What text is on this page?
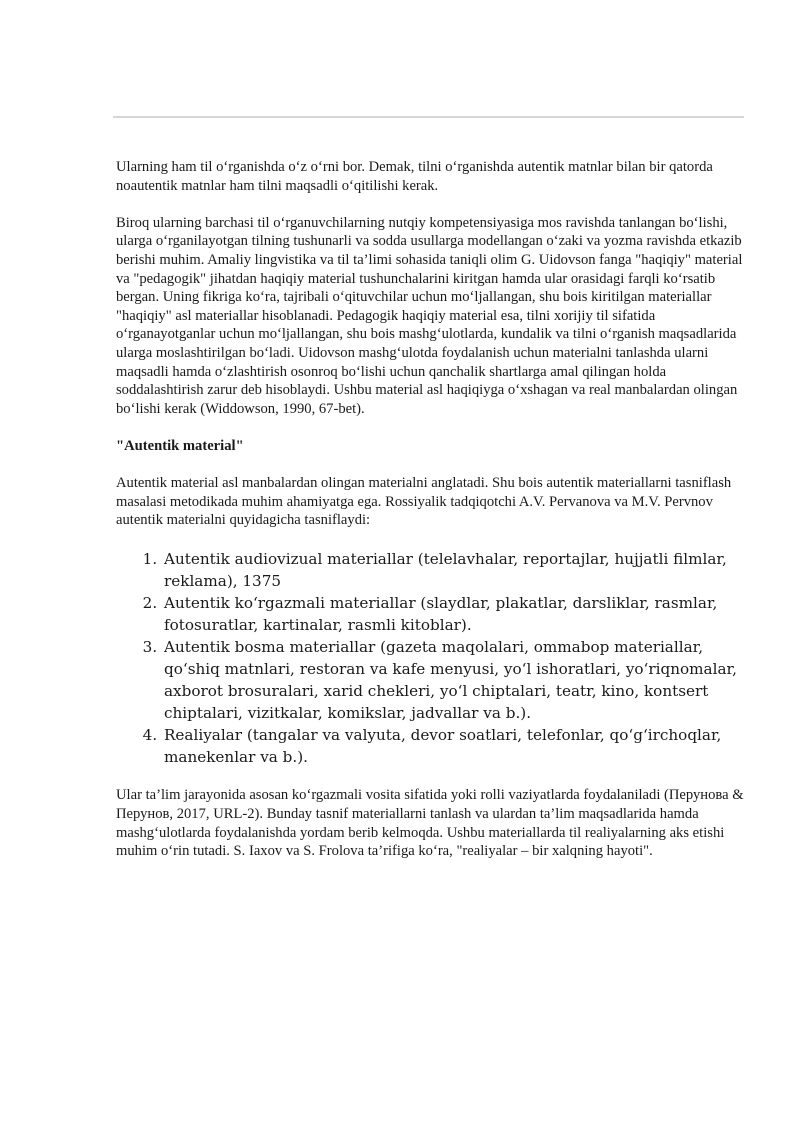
Ularning ham til o‘rganishda o‘z o‘rni bor. Demak, tilni o‘rganishda autentik matnlar bilan bir qatorda noautentik matnlar ham tilni maqsadli o‘qitilishi kerak.

Biroq ularning barchasi til o‘rganuvchilarning nutqiy kompetensiyasiga mos ravishda tanlangan bo‘lishi, ularga o‘rganilayotgan tilning tushunarli va sodda usullarga modellangan o‘zaki va yozma ravishda etkazib berishi muhim. Amaliy lingvistika va til ta’limi sohasida taniqli olim G. Uidovson fanga "haqiqiy" material va "pedagogik" jihatdan haqiqiy material tushunchalarini kiritgan hamda ular orasidagi farqli ko‘rsatib bergan. Uning fikriga ko‘ra, tajribali o‘qituvchilar uchun mo‘ljallangan, shu bois kiritilgan materiallar "haqiqiy" asl materiallar hisoblanadi. Pedagogik haqiqiy material esa, tilni xorijiy til sifatida o‘rganayotganlar uchun mo‘ljallangan, shu bois mashg‘ulotlarda, kundalik va tilni o‘rganish maqsadlarida ularga moslashtirilgan bo‘ladi. Uidovson mashg‘ulotda foydalanish uchun materialni tanlashda ularni maqsadli hamda o‘zlashtirish osonroq bo‘lishi uchun qanchalik shartlarga amal qilingan holda soddalashtirish zarur deb hisoblaydi. Ushbu material asl haqiqiyga o‘xshagan va real manbalardan olingan bo‘lishi kerak (Widdowson, 1990, 67-bet).

"Autentik material"

Autentik material asl manbalardan olingan materialni anglatadi. Shu bois autentik materiallarni tasniflash masalasi metodikada muhim ahamiyatga ega. Rossiyalik tadqiqotchi A.V. Pervanova va M.V. Pervnov autentik materialni quyidagicha tasniflaydi:

1. Autentik audiovizual materiallar (telelavhalar, reportajlar, hujjatli filmlar, reklama), 1375
2. Autentik ko‘rgazmali materiallar (slaydlar, plakatlar, darsliklar, rasmlar, fotosuratlar, kartinalar, rasmli kitoblar).
3. Autentik bosma materiallar (gazeta maqolalari, ommabop materiallar, qo‘shiq matnlari, restoran va kafe menyusi, yo‘l ishoratlari, yo‘riqnomalar, axborot brosuralari, xarid chekleri, yo‘l chiptalari, teatr, kino, kontsert chiptalari, vizitkalar, komikslar, jadvallar va b.).
4. Realiyalar (tangalar va valyuta, devor soatlari, telefonlar, qo‘g‘irchoqlar, manekenlar va b.).

Ular ta’lim jarayonida asosan ko‘rgazmali vosita sifatida yoki rolli vaziyatlarda foydalaniladi (Перунова & Перунов, 2017, URL-2). Bunday tasnif materiallarni tanlash va ulardan ta’lim maqsadlarida hamda mashg‘ulotlarda foydalanishda yordam berib kelmoqda. Ushbu materiallarda til realiyalarning aks etishi muhim o‘rin tutadi. S. Iaxov va S. Frolova ta’rifiga ko‘ra, "realiyalar – bir xalqning hayoti".
